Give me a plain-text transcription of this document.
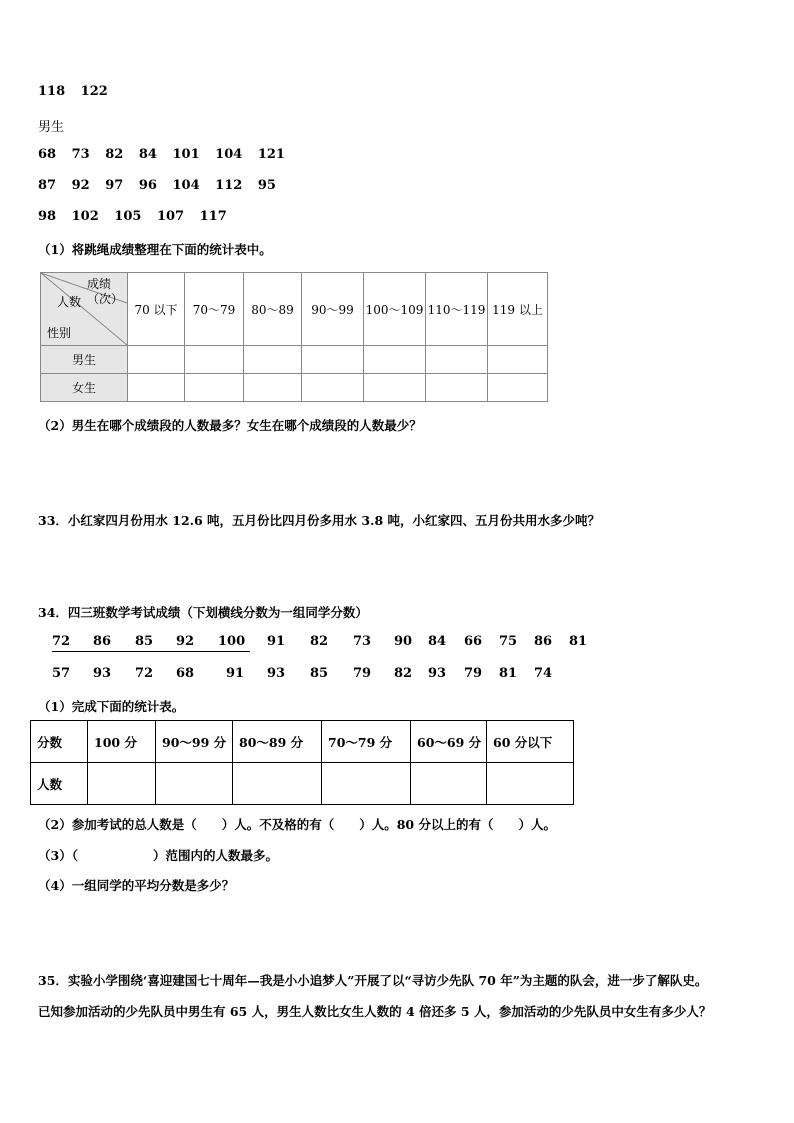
118 122
男生
68 73 82 84 101 104 121
87 92 97 96 104 112 95
98 102 105 107 117
（1）将跳绳成绩整理在下面的统计表中。
成绩
（次）
人数
性别	70 以下	70～79	80～89	90～99	100～109	110～119	119 以上
男生							
女生							
（2）男生在哪个成绩段的人数最多？女生在哪个成绩段的人数最少？
33．小红家四月份用水 12.6 吨，五月份比四月份多用水 3.8 吨，小红家四、五月份共用水多少吨？
34．四三班数学考试成绩（下划横线分数为一组同学分数）
72 86 85 92 100 91 82 73 90 84 66 75 86 81
57 93 72 68 91 93 85 79 82 93 79 81 74
（1）完成下面的统计表。
分数	100 分	90～99 分	80～89 分	70～79 分	60～69 分	60 分以下
人数						
（2）参加考试的总人数是（　　）人。不及格的有（　　）人。80 分以上的有（　　）人。
（3）（　　　　　　）范围内的人数最多。
（4）一组同学的平均分数是多少？
35．实验小学围绕‘喜迎建国七十周年—我是小小追梦人”开展了以“寻访少先队 70 年”为主题的队会，进一步了解队史。
已知参加活动的少先队员中男生有 65 人，男生人数比女生人数的 4 倍还多 5 人，参加活动的少先队员中女生有多少人？
